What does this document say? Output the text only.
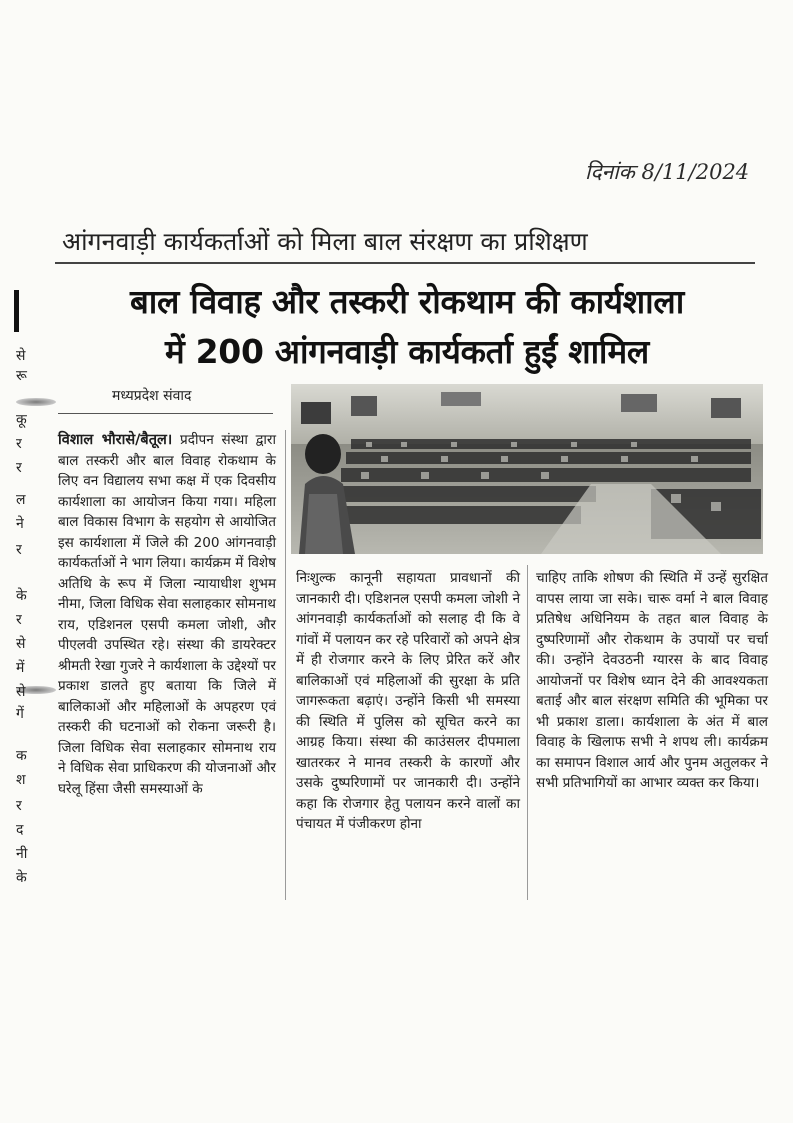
दिनांक 8/11/2024
आंगनवाड़ी कार्यकर्ताओं को मिला बाल संरक्षण का प्रशिक्षण
बाल विवाह और तस्करी रोकथाम की कार्यशाला
में 200 आंगनवाड़ी कार्यकर्ता हुईं शामिल
मध्यप्रदेश संवाद
विशाल भौरासे/बैतूल। प्रदीपन संस्था द्वारा बाल तस्करी और बाल विवाह रोकथाम के लिए वन विद्यालय सभा कक्ष में एक दिवसीय कार्यशाला का आयोजन किया गया। महिला बाल विकास विभाग के सहयोग से आयोजित इस कार्यशाला में जिले की 200 आंगनवाड़ी कार्यकर्ताओं ने भाग लिया। कार्यक्रम में विशेष अतिथि के रूप में जिला न्यायाधीश शुभम नीमा, जिला विधिक सेवा सलाहकार सोमनाथ राय, एडिशनल एसपी कमला जोशी, और पीएलवी उपस्थित रहे। संस्था की डायरेक्टर श्रीमती रेखा गुजरे ने कार्यशाला के उद्देश्यों पर प्रकाश डालते हुए बताया कि जिले में बालिकाओं और महिलाओं के अपहरण एवं तस्करी की घटनाओं को रोकना जरूरी है। जिला विधिक सेवा सलाहकार सोमनाथ राय ने विधिक सेवा प्राधिकरण की योजनाओं और घरेलू हिंसा जैसी समस्याओं के
निःशुल्क कानूनी सहायता प्रावधानों की जानकारी दी। एडिशनल एसपी कमला जोशी ने आंगनवाड़ी कार्यकर्ताओं को सलाह दी कि वे गांवों में पलायन कर रहे परिवारों को अपने क्षेत्र में ही रोजगार करने के लिए प्रेरित करें और बालिकाओं एवं महिलाओं की सुरक्षा के प्रति जागरूकता बढ़ाएं। उन्होंने किसी भी समस्या की स्थिति में पुलिस को सूचित करने का आग्रह किया। संस्था की काउंसलर दीपमाला खातरकर ने मानव तस्करी के कारणों और उसके दुष्परिणामों पर जानकारी दी। उन्होंने कहा कि रोजगार हेतु पलायन करने वालों का पंचायत में पंजीकरण होना
चाहिए ताकि शोषण की स्थिति में उन्हें सुरक्षित वापस लाया जा सके। चारू वर्मा ने बाल विवाह प्रतिषेध अधिनियम के तहत बाल विवाह के दुष्परिणामों और रोकथाम के उपायों पर चर्चा की। उन्होंने देवउठनी ग्यारस के बाद विवाह आयोजनों पर विशेष ध्यान देने की आवश्यकता बताई और बाल संरक्षण समिति की भूमिका पर भी प्रकाश डाला। कार्यशाला के अंत में बाल विवाह के खिलाफ सभी ने शपथ ली। कार्यक्रम का समापन विशाल आर्य और पुनम अतुलकर ने सभी प्रतिभागियों का आभार व्यक्त कर किया।
से
रू
कू
र
र
ल
ने
र
के
र
से
में
से
गें
क
श
र
द
नी
के
